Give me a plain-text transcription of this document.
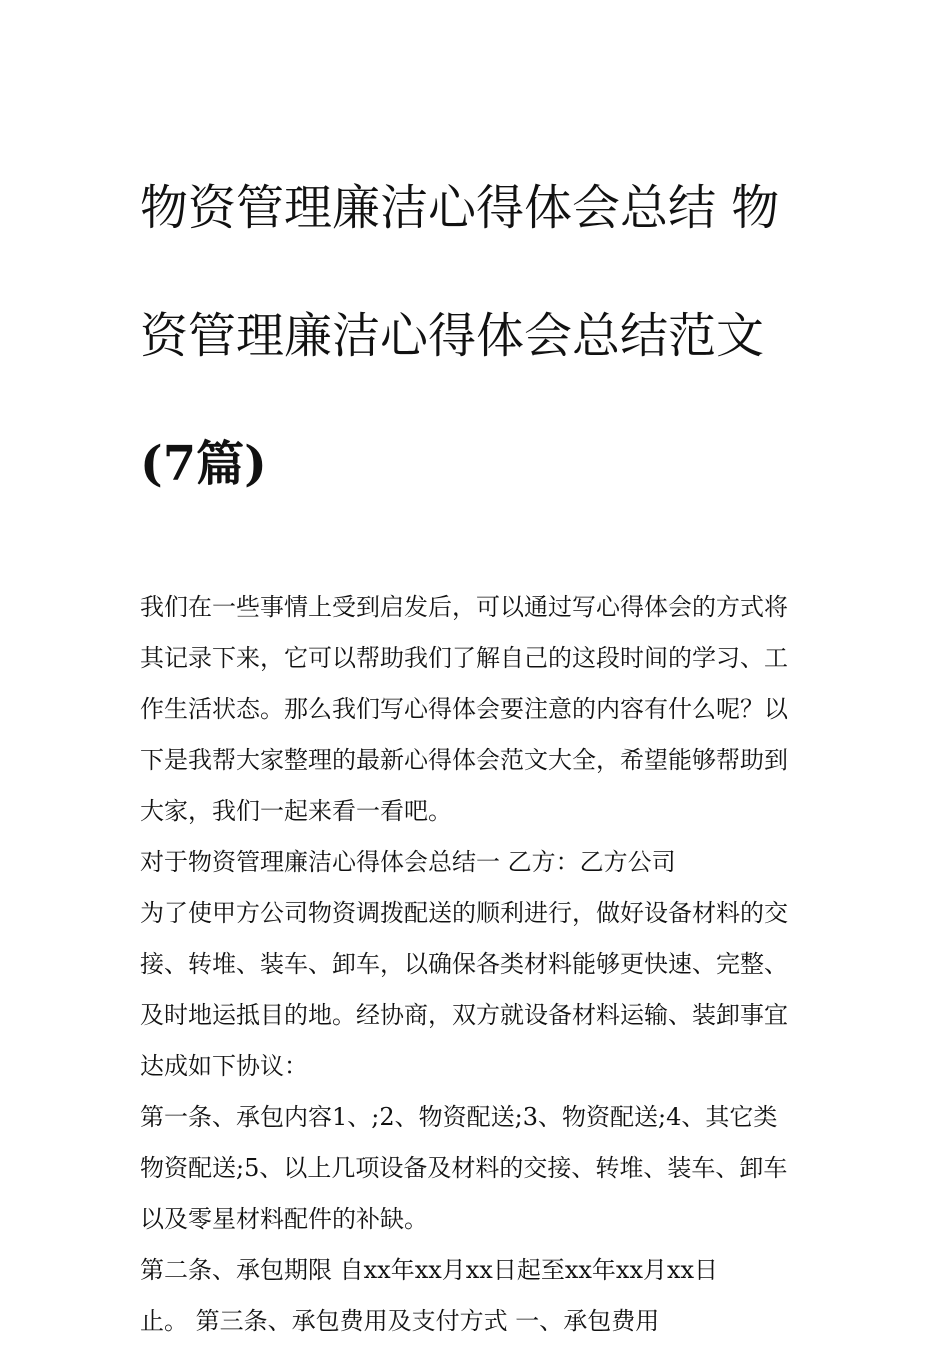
物资管理廉洁心得体会总结 物

资管理廉洁心得体会总结范文

(7篇)

我们在一些事情上受到启发后，可以通过写心得体会的方式将
其记录下来，它可以帮助我们了解自己的这段时间的学习、工
作生活状态。那么我们写心得体会要注意的内容有什么呢？以
下是我帮大家整理的最新心得体会范文大全，希望能够帮助到
大家，我们一起来看一看吧。

对于物资管理廉洁心得体会总结一 乙方：乙方公司

为了使甲方公司物资调拨配送的顺利进行，做好设备材料的交
接、转堆、装车、卸车，以确保各类材料能够更快速、完整、
及时地运抵目的地。经协商，双方就设备材料运输、装卸事宜
达成如下协议：

第一条、承包内容1、;2、物资配送;3、物资配送;4、其它类
物资配送;5、以上几项设备及材料的交接、转堆、装车、卸车
以及零星材料配件的补缺。

第二条、承包期限 自xx年xx月xx日起至xx年xx月xx日
止。 第三条、承包费用及支付方式 一、承包费用
